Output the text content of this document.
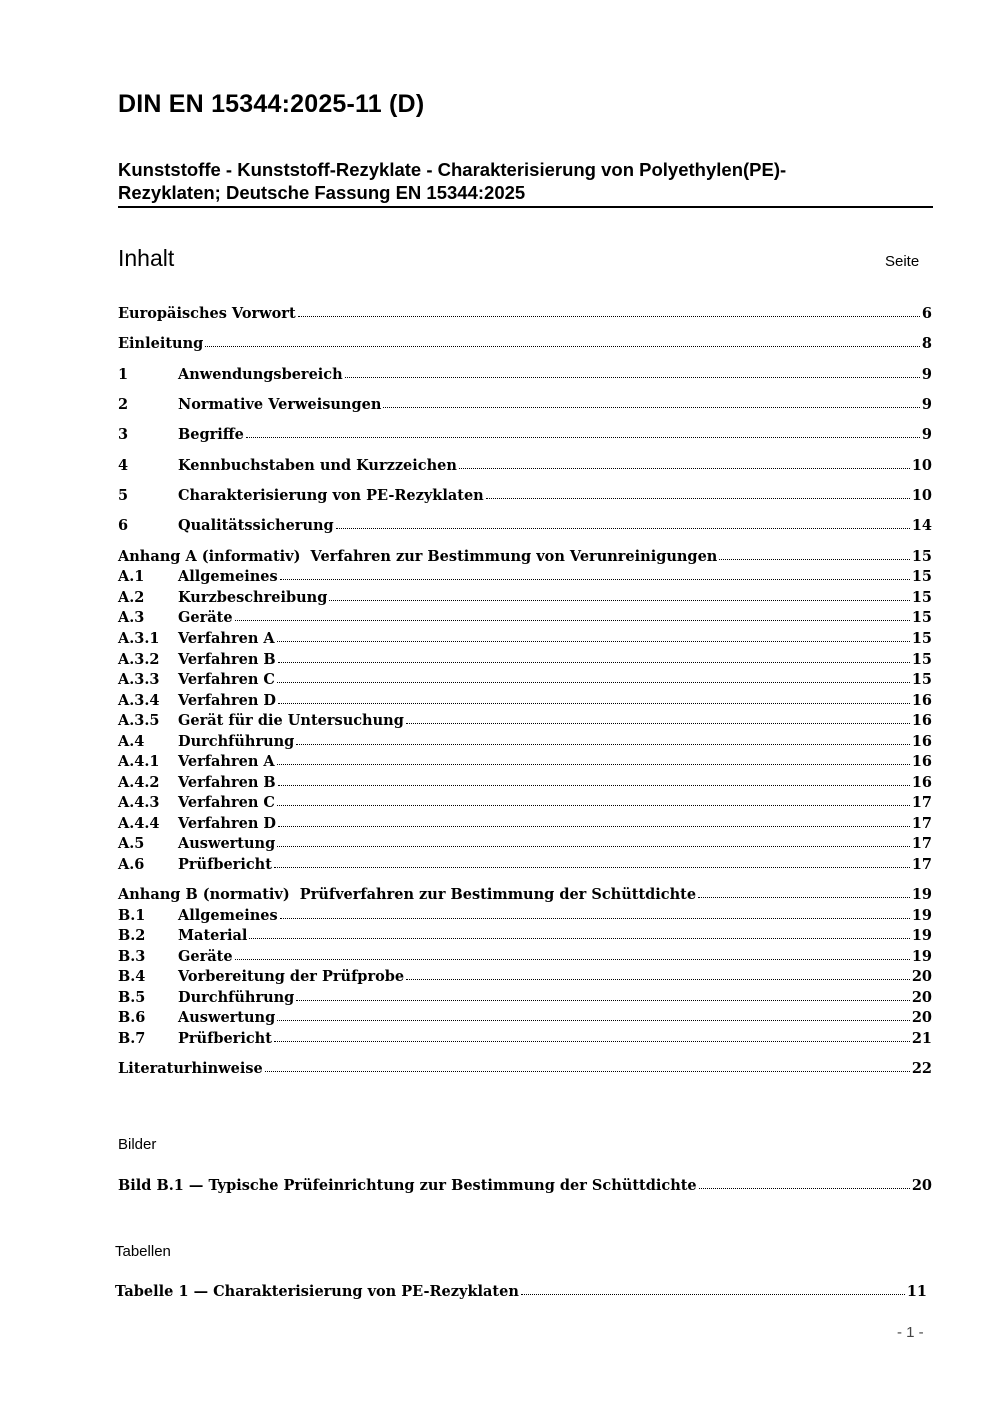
DIN EN 15344:2025-11 (D)
Kunststoffe - Kunststoff-Rezyklate - Charakterisierung von Polyethylen(PE)-
Rezyklaten; Deutsche Fassung EN 15344:2025
Inhalt	Seite
Europäisches Vorwort	6
Einleitung	8
1	Anwendungsbereich	9
2	Normative Verweisungen	9
3	Begriffe	9
4	Kennbuchstaben und Kurzzeichen	10
5	Charakterisierung von PE-Rezyklaten	10
6	Qualitätssicherung	14
Anhang A (informativ)  Verfahren zur Bestimmung von Verunreinigungen	15
A.1	Allgemeines	15
A.2	Kurzbeschreibung	15
A.3	Geräte	15
A.3.1	Verfahren A	15
A.3.2	Verfahren B	15
A.3.3	Verfahren C	15
A.3.4	Verfahren D	16
A.3.5	Gerät für die Untersuchung	16
A.4	Durchführung	16
A.4.1	Verfahren A	16
A.4.2	Verfahren B	16
A.4.3	Verfahren C	17
A.4.4	Verfahren D	17
A.5	Auswertung	17
A.6	Prüfbericht	17
Anhang B (normativ)  Prüfverfahren zur Bestimmung der Schüttdichte	19
B.1	Allgemeines	19
B.2	Material	19
B.3	Geräte	19
B.4	Vorbereitung der Prüfprobe	20
B.5	Durchführung	20
B.6	Auswertung	20
B.7	Prüfbericht	21
Literaturhinweise	22
Bilder
Bild B.1 — Typische Prüfeinrichtung zur Bestimmung der Schüttdichte	20
Tabellen
Tabelle 1 — Charakterisierung von PE-Rezyklaten	11
- 1 -
